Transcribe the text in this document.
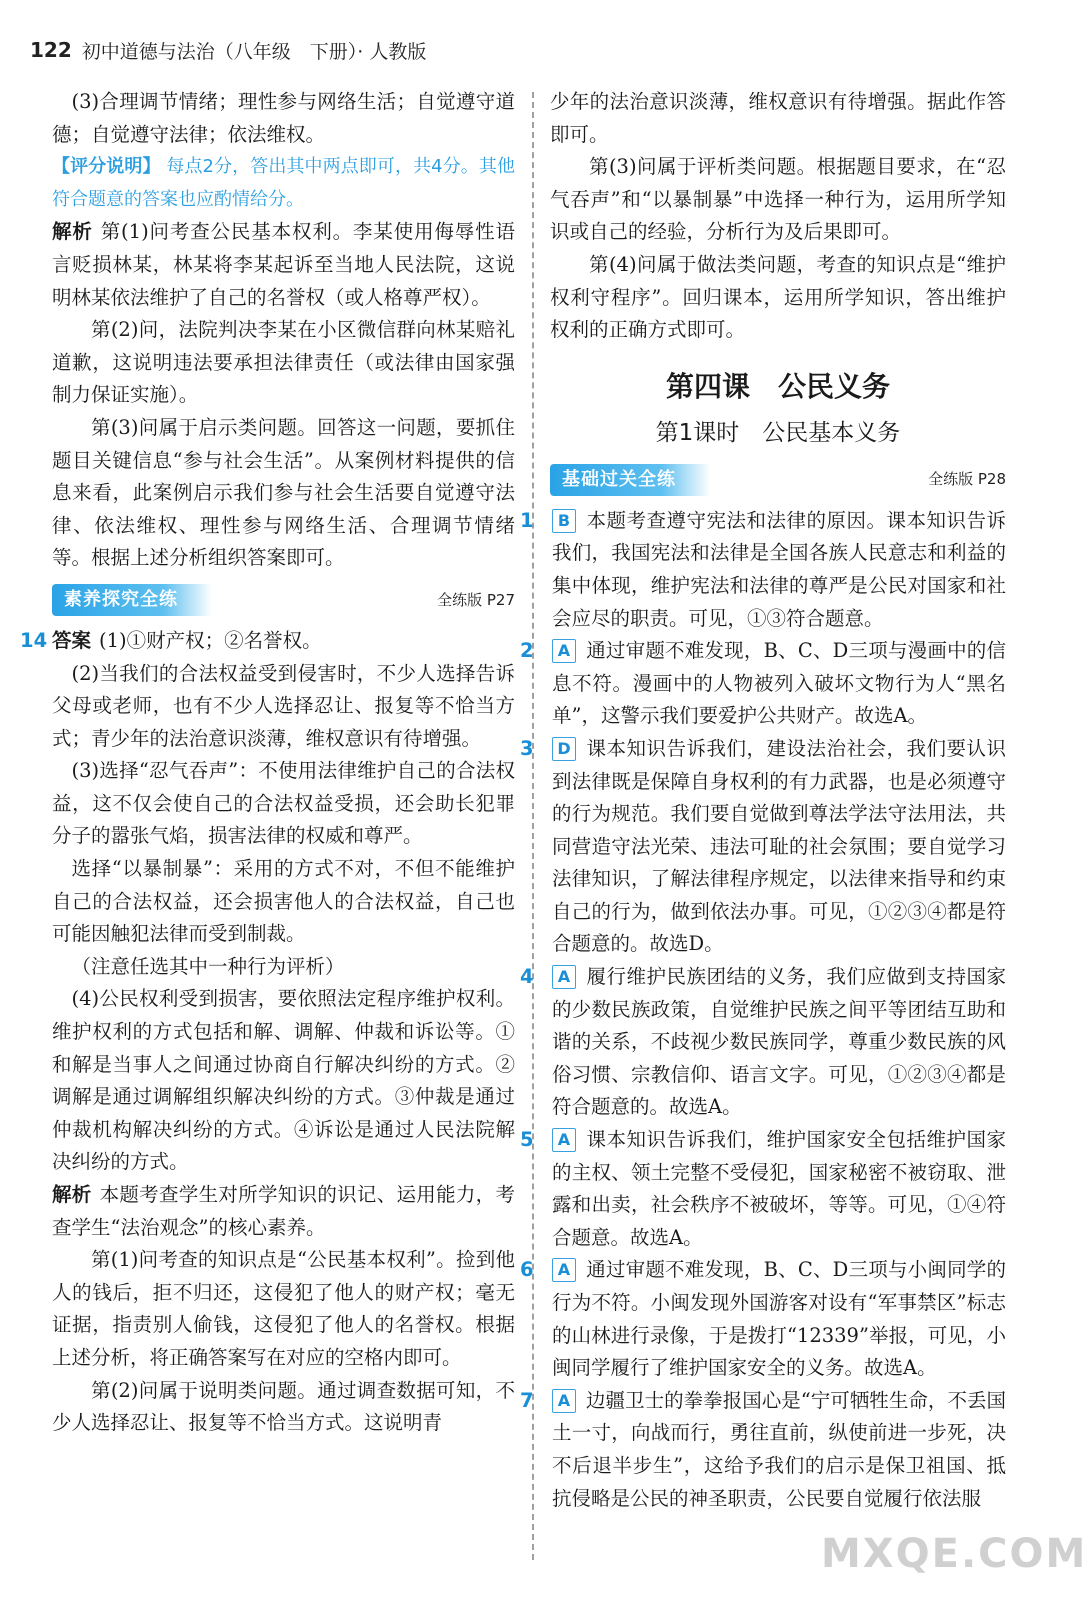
122 初中道德与法治（八年级　下册）· 人教版

(3)合理调节情绪；理性参与网络生活；自觉遵守道德；自觉遵守法律；依法维权。

【评分说明】 每点2分，答出其中两点即可，共4分。其他符合题意的答案也应酌情给分。

解析 第(1)问考查公民基本权利。李某使用侮辱性语言贬损林某，林某将李某起诉至当地人民法院，这说明林某依法维护了自己的名誉权（或人格尊严权）。

第(2)问，法院判决李某在小区微信群向林某赔礼道歉，这说明违法要承担法律责任（或法律由国家强制力保证实施）。

第(3)问属于启示类问题。回答这一问题，要抓住题目关键信息“参与社会生活”。从案例材料提供的信息来看，此案例启示我们参与社会生活要自觉遵守法律、依法维权、理性参与网络生活、合理调节情绪等。根据上述分析组织答案即可。

素养探究全练	全练版 P27
14 答案 (1)①财产权；②名誉权。

(2)当我们的合法权益受到侵害时，不少人选择告诉父母或老师，也有不少人选择忍让、报复等不恰当方式；青少年的法治意识淡薄，维权意识有待增强。

(3)选择“忍气吞声”：不使用法律维护自己的合法权益，这不仅会使自己的合法权益受损，还会助长犯罪分子的嚣张气焰，损害法律的权威和尊严。

选择“以暴制暴”：采用的方式不对，不但不能维护自己的合法权益，还会损害他人的合法权益，自己也可能因触犯法律而受到制裁。

（注意任选其中一种行为评析）

(4)公民权利受到损害，要依照法定程序维护权利。维护权利的方式包括和解、调解、仲裁和诉讼等。①和解是当事人之间通过协商自行解决纠纷的方式。②调解是通过调解组织解决纠纷的方式。③仲裁是通过仲裁机构解决纠纷的方式。④诉讼是通过人民法院解决纠纷的方式。

解析 本题考查学生对所学知识的识记、运用能力，考查学生“法治观念”的核心素养。

第(1)问考查的知识点是“公民基本权利”。捡到他人的钱后，拒不归还，这侵犯了他人的财产权；毫无证据，指责别人偷钱，这侵犯了他人的名誉权。根据上述分析，将正确答案写在对应的空格内即可。

第(2)问属于说明类问题。通过调查数据可知，不少人选择忍让、报复等不恰当方式。这说明青

少年的法治意识淡薄，维权意识有待增强。据此作答即可。

第(3)问属于评析类问题。根据题目要求，在“忍气吞声”和“以暴制暴”中选择一种行为，运用所学知识或自己的经验，分析行为及后果即可。

第(4)问属于做法类问题，考查的知识点是“维护权利守程序”。回归课本，运用所学知识，答出维护权利的正确方式即可。

第四课　公民义务
第1课时　公民基本义务
基础过关全练	全练版 P28
1	B 本题考查遵守宪法和法律的原因。课本知识告诉我们，我国宪法和法律是全国各族人民意志和利益的集中体现，维护宪法和法律的尊严是公民对国家和社会应尽的职责。可见，①③符合题意。

2	A 通过审题不难发现，B、C、D三项与漫画中的信息不符。漫画中的人物被列入破坏文物行为人“黑名单”，这警示我们要爱护公共财产。故选A。

3	D 课本知识告诉我们，建设法治社会，我们要认识到法律既是保障自身权利的有力武器，也是必须遵守的行为规范。我们要自觉做到尊法学法守法用法，共同营造守法光荣、违法可耻的社会氛围；要自觉学习法律知识，了解法律程序规定，以法律来指导和约束自己的行为，做到依法办事。可见，①②③④都是符合题意的。故选D。

4	A 履行维护民族团结的义务，我们应做到支持国家的少数民族政策，自觉维护民族之间平等团结互助和谐的关系，不歧视少数民族同学，尊重少数民族的风俗习惯、宗教信仰、语言文字。可见，①②③④都是符合题意的。故选A。

5	A 课本知识告诉我们，维护国家安全包括维护国家的主权、领土完整不受侵犯，国家秘密不被窃取、泄露和出卖，社会秩序不被破坏，等等。可见，①④符合题意。故选A。

6	A 通过审题不难发现，B、C、D三项与小闽同学的行为不符。小闽发现外国游客对设有“军事禁区”标志的山林进行录像，于是拨打“12339”举报，可见，小闽同学履行了维护国家安全的义务。故选A。

7	A 边疆卫士的拳拳报国心是“宁可牺牲生命，不丢国土一寸，向战而行，勇往直前，纵使前进一步死，决不后退半步生”，这给予我们的启示是保卫祖国、抵抗侵略是公民的神圣职责，公民要自觉履行依法服

MXQE.COM
